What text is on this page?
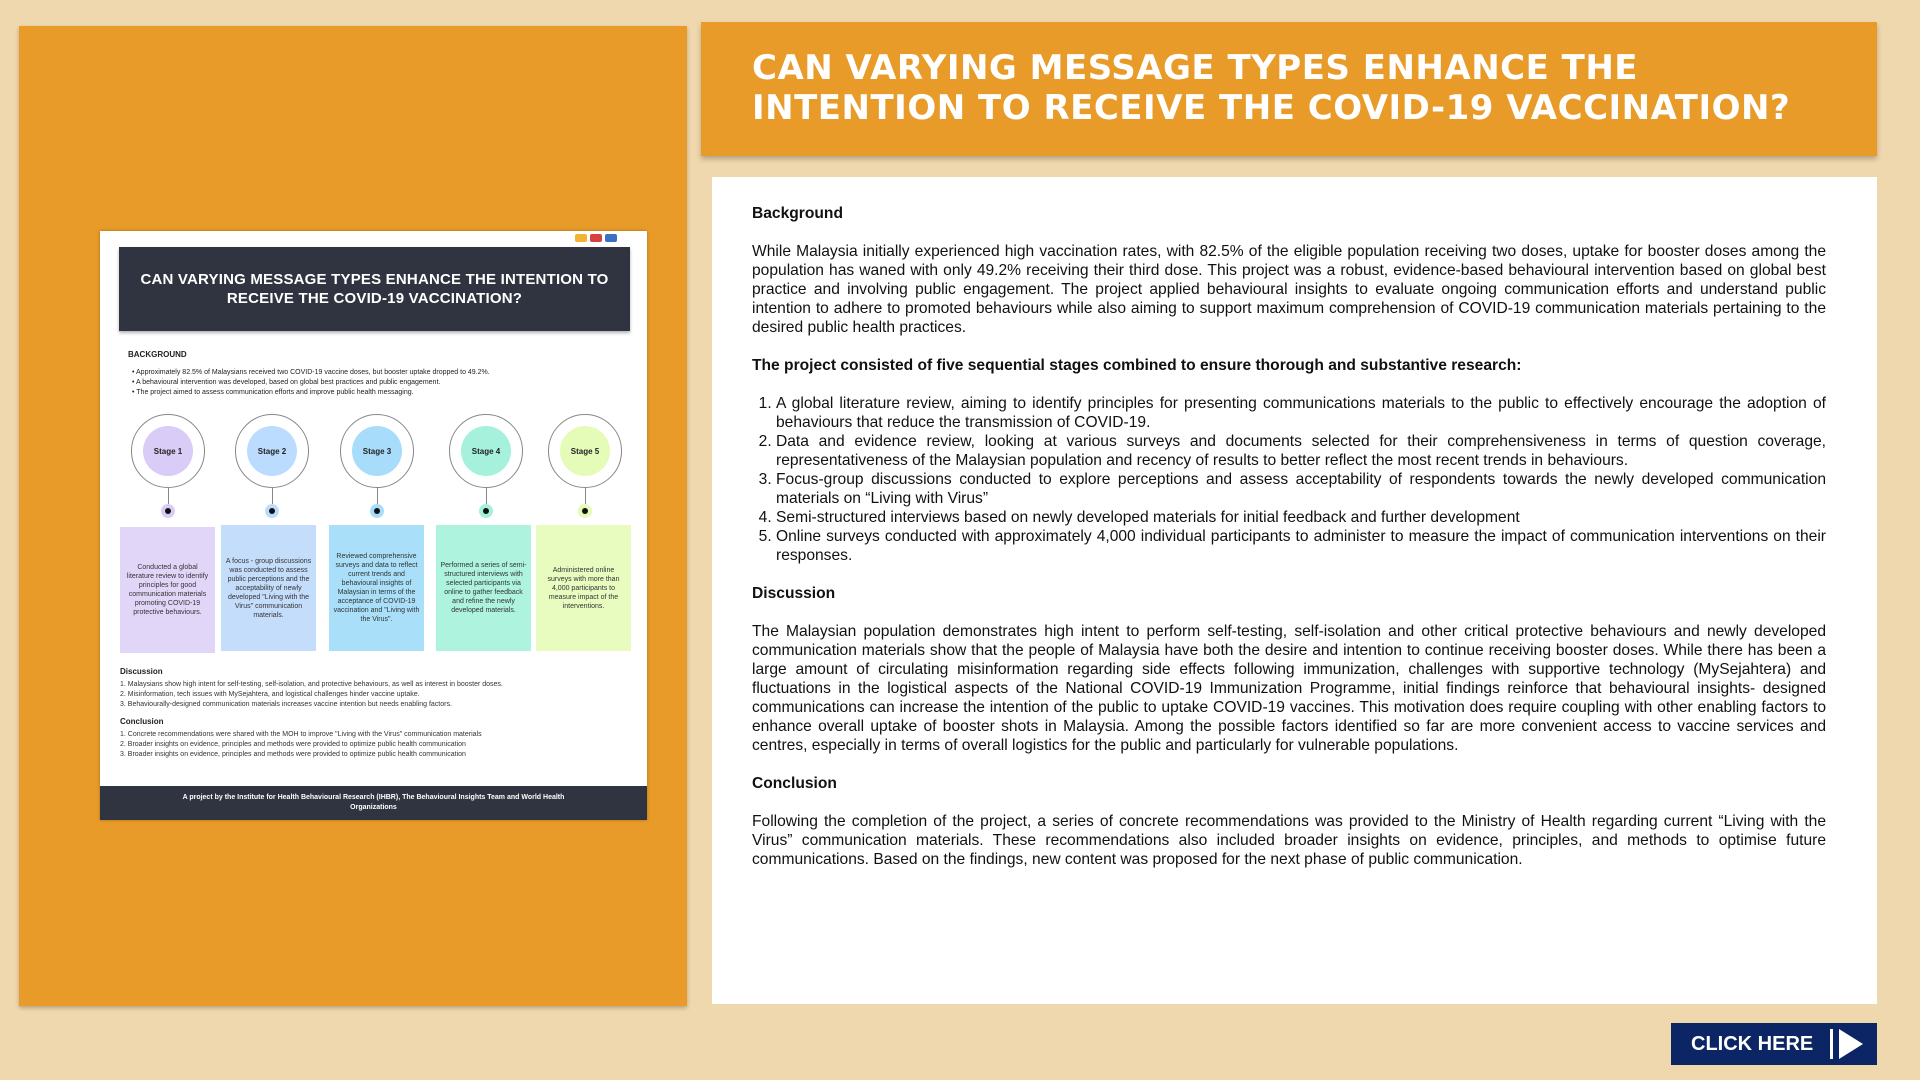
CAN VARYING MESSAGE TYPES ENHANCE THE INTENTION TO RECEIVE THE COVID-19 VACCINATION?
BACKGROUND
• Approximately 82.5% of Malaysians received two COVID-19 vaccine doses, but booster uptake dropped to 49.2%.
• A behavioural intervention was developed, based on global best practices and public engagement.
• The project aimed to assess communication efforts and improve public health messaging.
Stage 1	Stage 2	Stage 3	Stage 4	Stage 5
Conducted a global literature review to identify principles for good communication materials promoting COVID-19 protective behaviours.
A focus - group discussions was conducted to assess public perceptions and the acceptability of newly developed "Living with the Virus" communication materials.
Reviewed comprehensive surveys and data to reflect current trends and behavioural insights of Malaysian in terms of the acceptance of COVID-19 vaccination and "Living with the Virus".
Performed a series of semi-structured interviews with selected participants via online to gather feedback and refine the newly developed materials.
Administered online surveys with more than 4,000 participants to measure impact of the interventions.
Discussion
1. Malaysians show high intent for self-testing, self-isolation, and protective behaviours, as well as interest in booster doses.
2. Misinformation, tech issues with MySejahtera, and logistical challenges hinder vaccine uptake.
3. Behaviourally-designed communication materials increases vaccine intention but needs enabling factors.
Conclusion
1. Concrete recommendations were shared with the MOH to improve "Living with the Virus" communication materials
2. Broader insights on evidence, principles and methods were provided to optimize public health communication
3. Broader insights on evidence, principles and methods were provided to optimize public health communication
A project by the Institute for Health Behavioural Research (IHBR), The Behavioural Insights Team and World Health Organizations
CAN VARYING MESSAGE TYPES ENHANCE THE INTENTION TO RECEIVE THE COVID-19 VACCINATION?
Background

While Malaysia initially experienced high vaccination rates, with 82.5% of the eligible population receiving two doses, uptake for booster doses among the population has waned with only 49.2% receiving their third dose. This project was a robust, evidence-based behavioural intervention based on global best practice and involving public engagement. The project applied behavioural insights to evaluate ongoing communication efforts and understand public intention to adhere to promoted behaviours while also aiming to support maximum comprehension of COVID-19 communication materials pertaining to the desired public health practices.

The project consisted of five sequential stages combined to ensure thorough and substantive research:
1. A global literature review, aiming to identify principles for presenting communications materials to the public to effectively encourage the adoption of behaviours that reduce the transmission of COVID-19.
2. Data and evidence review, looking at various surveys and documents selected for their comprehensiveness in terms of question coverage, representativeness of the Malaysian population and recency of results to better reflect the most recent trends in behaviours.
3. Focus-group discussions conducted to explore perceptions and assess acceptability of respondents towards the newly developed communication materials on “Living with Virus”
4. Semi-structured interviews based on newly developed materials for initial feedback and further development
5. Online surveys conducted with approximately 4,000 individual participants to administer to measure the impact of communication interventions on their responses.
Discussion

The Malaysian population demonstrates high intent to perform self-testing, self-isolation and other critical protective behaviours and newly developed communication materials show that the people of Malaysia have both the desire and intention to continue receiving booster doses. While there has been a large amount of circulating misinformation regarding side effects following immunization, challenges with supportive technology (MySejahtera) and fluctuations in the logistical aspects of the National COVID-19 Immunization Programme, initial findings reinforce that behavioural insights- designed communications can increase the intention of the public to uptake COVID-19 vaccines. This motivation does require coupling with other enabling factors to enhance overall uptake of booster shots in Malaysia. Among the possible factors identified so far are more convenient access to vaccine services and centres, especially in terms of overall logistics for the public and particularly for vulnerable populations.

Conclusion

Following the completion of the project, a series of concrete recommendations was provided to the Ministry of Health regarding current “Living with the Virus” communication materials. These recommendations also included broader insights on evidence, principles, and methods to optimise future communications. Based on the findings, new content was proposed for the next phase of public communication.

CLICK HERE
